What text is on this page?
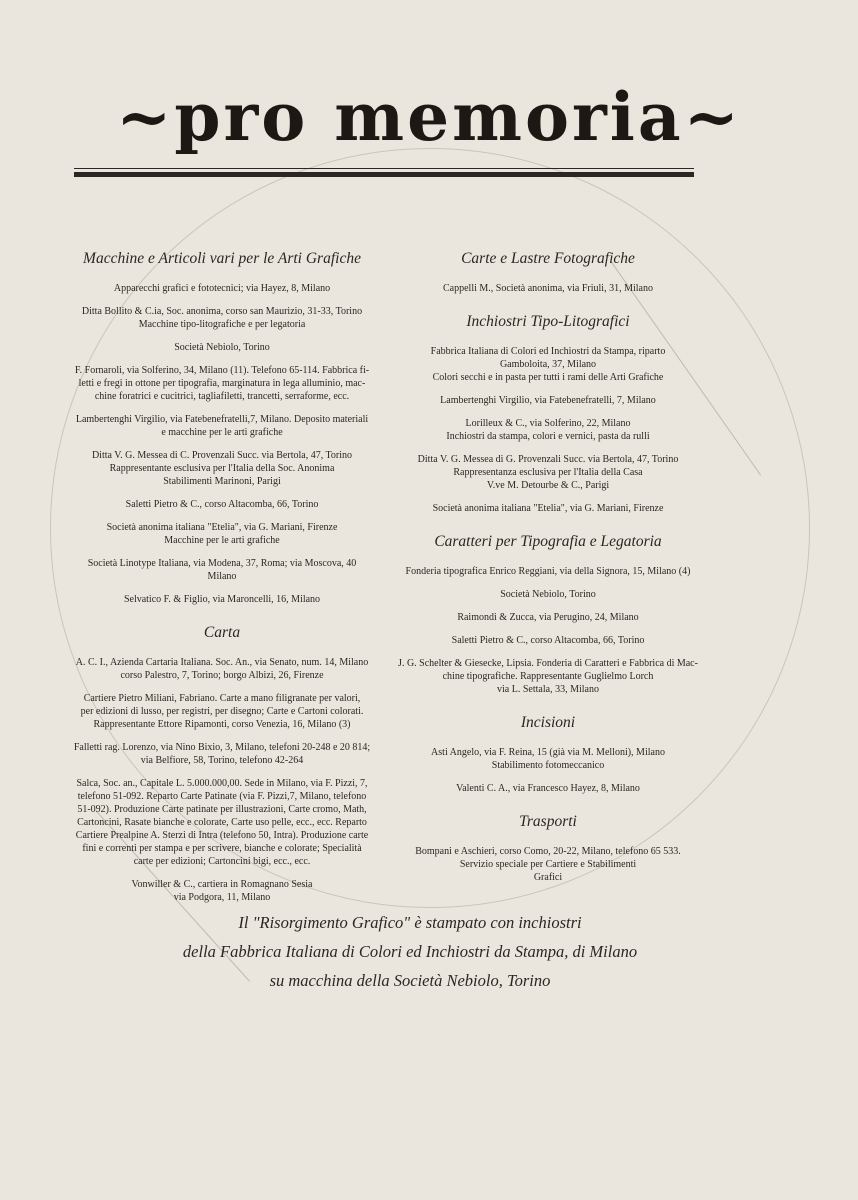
~pro memoria~
Macchine e Articoli vari per le Arti Grafiche
Apparecchi grafici e fototecnici; via Hayez, 8, Milano
Ditta Bollito & C.ia, Soc. anonima, corso san Maurizio, 31-33, Torino
Macchine tipo-litografiche e per legatoria
Società Nebiolo, Torino
F. Fornaroli, via Solferino, 34, Milano (11). Telefono 65-114. Fabbrica fi-
letti e fregi in ottone per tipografia, marginatura in lega alluminio, mac-
chine foratrici e cucitrici, tagliafiletti, trancetti, serraforme, ecc.
Lambertenghi Virgilio, via Fatebenefratelli,7, Milano. Deposito materiali
e macchine per le arti grafiche
Ditta V. G. Messea di C. Provenzali Succ. via Bertola, 47, Torino
Rappresentante esclusiva per l'Italia della Soc. Anonima
Stabilimenti Marinoni, Parigi
Saletti Pietro & C., corso Altacomba, 66, Torino
Società anonima italiana "Etelia", via G. Mariani, Firenze
Macchine per le arti grafiche
Società Linotype Italiana, via Modena, 37, Roma; via Moscova, 40
Milano
Selvatico F. & Figlio, via Maroncelli, 16, Milano
Carta
A. C. I., Azienda Cartaria Italiana. Soc. An., via Senato, num. 14, Milano
corso Palestro, 7, Torino; borgo Albizi, 26, Firenze
Cartiere Pietro Miliani, Fabriano. Carte a mano filigranate per valori,
per edizioni di lusso, per registri, per disegno; Carte e Cartoni colorati.
Rappresentante Ettore Ripamonti, corso Venezia, 16, Milano (3)
Falletti rag. Lorenzo, via Nino Bixio, 3, Milano, telefoni 20-248 e 20 814;
via Belfiore, 58, Torino, telefono 42-264
Salca, Soc. an., Capitale L. 5.000.000,00. Sede in Milano, via F. Pizzi, 7,
telefono 51-092. Reparto Carte Patinate (via F. Pizzi,7, Milano, telefono
51-092). Produzione Carte patinate per illustrazioni, Carte cromo, Math,
Cartoncini, Rasate bianche e colorate, Carte uso pelle, ecc., ecc. Reparto
Cartiere Prealpine A. Sterzi di Intra (telefono 50, Intra). Produzione carte
fini e correnti per stampa e per scrivere, bianche e colorate; Specialità
carte per edizioni; Cartoncini bigi, ecc., ecc.
Vonwiller & C., cartiera in Romagnano Sesia
via Podgora, 11, Milano
Carte e Lastre Fotografiche
Cappelli M., Società anonima, via Friuli, 31, Milano
Inchiostri Tipo-Litografici
Fabbrica Italiana di Colori ed Inchiostri da Stampa, riparto
Gamboloita, 37, Milano
Colori secchi e in pasta per tutti i rami delle Arti Grafiche
Lambertenghi Virgilio, via Fatebenefratelli, 7, Milano
Lorilleux & C., via Solferino, 22, Milano
Inchiostri da stampa, colori e vernici, pasta da rulli
Ditta V. G. Messea di G. Provenzali Succ. via Bertola, 47, Torino
Rappresentanza esclusiva per l'Italia della Casa
V.ve M. Detourbe & C., Parigi
Società anonima italiana "Etelia", via G. Mariani, Firenze
Caratteri per Tipografia e Legatoria
Fonderia tipografica Enrico Reggiani, via della Signora, 15, Milano (4)
Società Nebiolo, Torino
Raimondi & Zucca, via Perugino, 24, Milano
Saletti Pietro & C., corso Altacomba, 66, Torino
J. G. Schelter & Giesecke, Lipsia. Fonderia di Caratteri e Fabbrica di Mac-
chine tipografiche. Rappresentante Guglielmo Lorch
via L. Settala, 33, Milano
Incisioni
Asti Angelo, via F. Reina, 15 (già via M. Melloni), Milano
Stabilimento fotomeccanico
Valenti C. A., via Francesco Hayez, 8, Milano
Trasporti
Bompani e Aschieri, corso Como, 20-22, Milano, telefono 65 533.
Servizio speciale per Cartiere e Stabilimenti
Grafici
Il "Risorgimento Grafico" è stampato con inchiostri
della Fabbrica Italiana di Colori ed Inchiostri da Stampa, di Milano
su macchina della Società Nebiolo, Torino
